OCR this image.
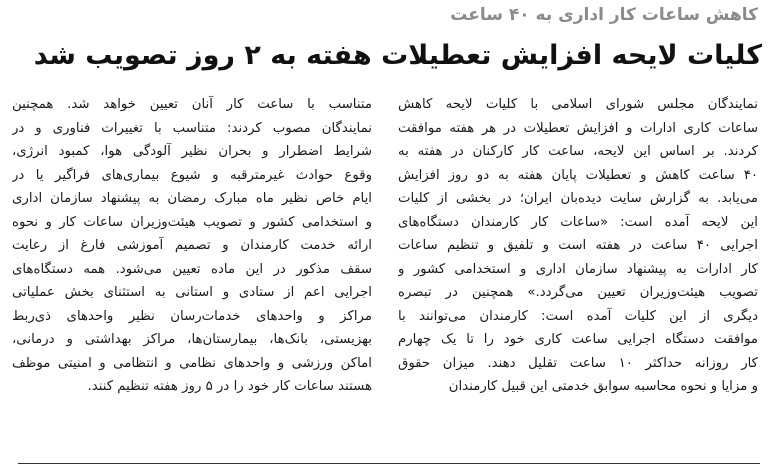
کاهش ساعات کار اداری به ۴۰ ساعت
کلیات لایحه افزایش تعطیلات هفته به ۲ روز تصویب شد
نمایندگان مجلس شورای اسلامی با کلیات لایحه کاهش
ساعات کاری ادارات و افزایش تعطیلات در هر هفته موافقت
کردند. بر اساس این لایحه، ساعت کار کارکنان در هفته به
۴۰ ساعت کاهش و تعطیلات پایان هفته به دو روز افزایش
می‌یابد. به گزارش سایت دیده‌بان ایران؛ در بخشی از کلیات
این لایحه آمده است: «ساعات کار کارمندان دستگاه‌های
اجرایی ۴۰ ساعت در هفته است و تلفیق و تنظیم ساعات
کار ادارات به پیشنهاد سازمان اداری و استخدامی کشور و
تصویب هیئت‌وزیران تعیین می‌گردد.» همچنین در تبصره
دیگری از این کلیات آمده است: کارمندان می‌توانند با
موافقت دستگاه اجرایی ساعت کاری خود را تا یک چهارم
کار روزانه حداکثر ۱۰ ساعت تقلیل دهند. میزان حقوق
و مزایا و نحوه محاسبه سوابق خدمتی این قبیل کارمندان
متناسب با ساعت کار آنان تعیین خواهد شد. همچنین
نمایندگان مصوب کردند: متناسب با تغییرات فناوری و در
شرایط اضطرار و بحران نظیر آلودگی هوا، کمبود انرژی،
وقوع حوادث غیرمترقبه و شیوع بیماری‌های فراگیر یا در
ایام خاص نظیر ماه مبارک رمضان به پیشنهاد سازمان اداری
و استخدامی کشور و تصویب هیئت‌وزیران ساعات کار و نحوه
ارائه خدمت کارمندان و تصمیم آموزشی فارغ از رعایت
سقف مذکور در این ماده تعیین می‌شود. همه دستگاه‌های
اجرایی اعم از ستادی و استانی به استثنای بخش عملیاتی
مراکز و واحدهای خدمات‌رسان نظیر واحدهای ذی‌ربط
بهزیستی، بانک‌ها، بیمارستان‌ها، مراکز بهداشتی و درمانی،
اماکن ورزشی و واحدهای نظامی و انتظامی و امنیتی موظف
هستند ساعات کار خود را در ۵ روز هفته تنظیم کنند.
